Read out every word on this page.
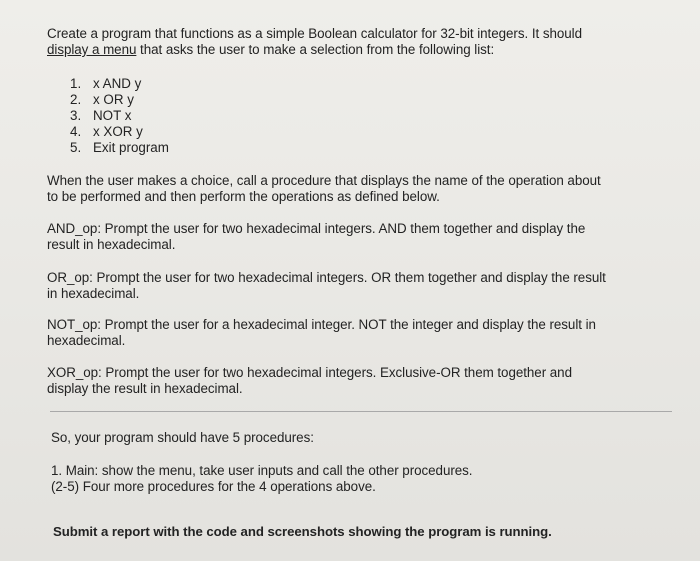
Create a program that functions as a simple Boolean calculator for 32-bit integers. It should
display a menu that asks the user to make a selection from the following list:
1. x AND y
2. x OR y
3. NOT x
4. x XOR y
5. Exit program
When the user makes a choice, call a procedure that displays the name of the operation about
to be performed and then perform the operations as defined below.
AND_op: Prompt the user for two hexadecimal integers. AND them together and display the
result in hexadecimal.
OR_op: Prompt the user for two hexadecimal integers. OR them together and display the result
in hexadecimal.
NOT_op: Prompt the user for a hexadecimal integer. NOT the integer and display the result in
hexadecimal.
XOR_op: Prompt the user for two hexadecimal integers. Exclusive-OR them together and
display the result in hexadecimal.
So, your program should have 5 procedures:
1. Main: show the menu, take user inputs and call the other procedures.
(2-5) Four more procedures for the 4 operations above.
Submit a report with the code and screenshots showing the program is running.
